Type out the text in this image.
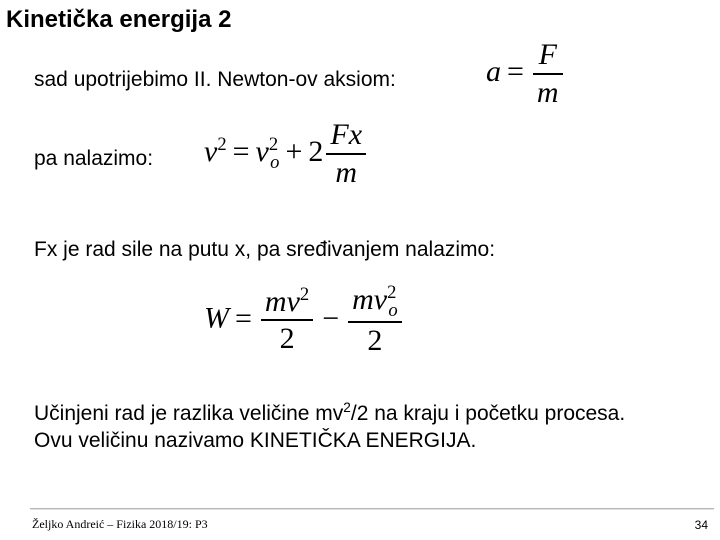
Kinetička energija 2
sad upotrijebimo II. Newton-ov aksiom:	$a = \frac{F}{m}$
pa nalazimo: $v^2 = v^2_o + 2 \frac{Fx}{m}$
Fx je rad sile na putu x, pa sređivanjem nalazimo:
$W = \frac{mv^2}{2} - \frac{mv^2_o}{2}$
Učinjeni rad je razlika veličine $mv^2/2$ na kraju i početku procesa.
Ovu veličinu nazivamo KINETIČKA ENERGIJA.
Željko Andreić – Fizika 2018/19: P3	34
